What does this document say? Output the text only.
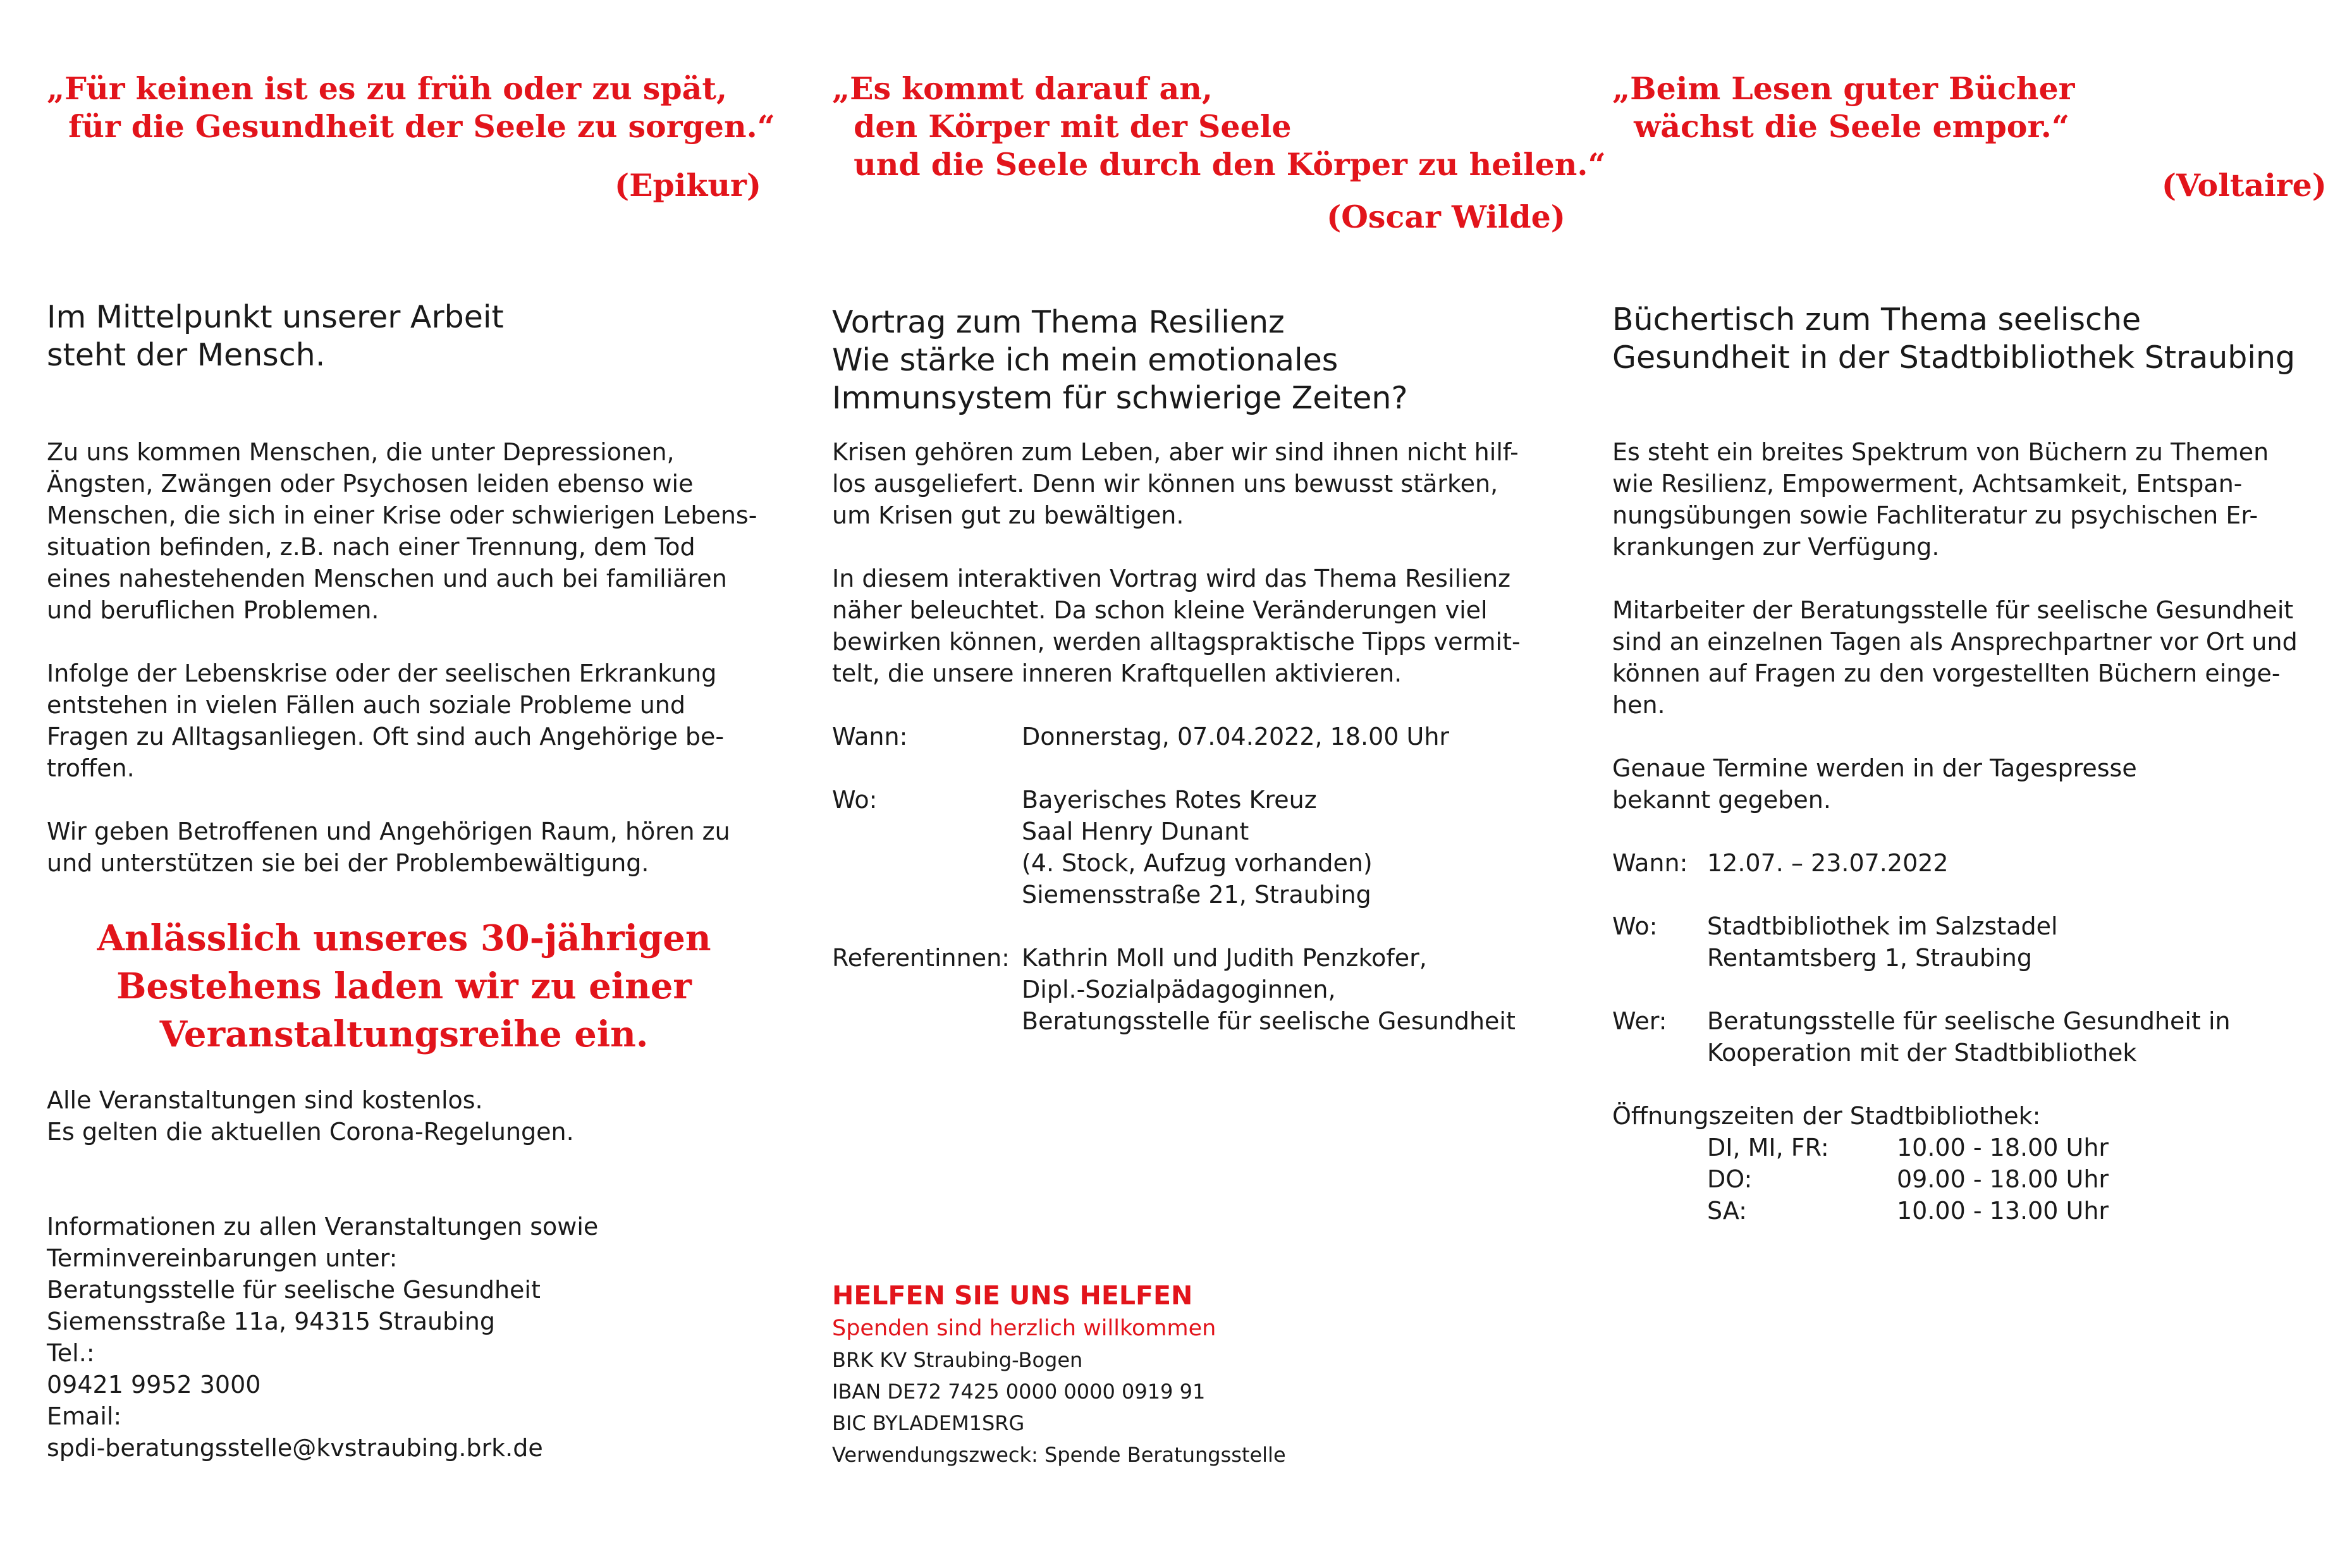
„Für keinen ist es zu früh oder zu spät,
für die Gesundheit der Seele zu sorgen.“
(Epikur)
Im Mittelpunkt unserer Arbeit
steht der Mensch.

Zu uns kommen Menschen, die unter Depressionen,
Ängsten, Zwängen oder Psychosen leiden ebenso wie
Menschen, die sich in einer Krise oder schwierigen Lebens-
situation befinden, z.B. nach einer Trennung, dem Tod
eines nahestehenden Menschen und auch bei familiären
und beruflichen Problemen.

Infolge der Lebenskrise oder der seelischen Erkrankung
entstehen in vielen Fällen auch soziale Probleme und
Fragen zu Alltagsanliegen. Oft sind auch Angehörige be-
troffen.

Wir geben Betroffenen und Angehörigen Raum, hören zu
und unterstützen sie bei der Problembewältigung.

Anlässlich unseres 30-jährigen
Bestehens laden wir zu einer
Veranstaltungsreihe ein.

Alle Veranstaltungen sind kostenlos.
Es gelten die aktuellen Corona-Regelungen.

Informationen zu allen Veranstaltungen sowie
Terminvereinbarungen unter:
Beratungsstelle für seelische Gesundheit
Siemensstraße 11a, 94315 Straubing
Tel.:
09421 9952 3000
Email:
spdi-beratungsstelle@kvstraubing.brk.de
„Es kommt darauf an,
den Körper mit der Seele
und die Seele durch den Körper zu heilen.“
(Oscar Wilde)
Vortrag zum Thema Resilienz
Wie stärke ich mein emotionales
Immunsystem für schwierige Zeiten?

Krisen gehören zum Leben, aber wir sind ihnen nicht hilf-
los ausgeliefert. Denn wir können uns bewusst stärken,
um Krisen gut zu bewältigen.

In diesem interaktiven Vortrag wird das Thema Resilienz
näher beleuchtet. Da schon kleine Veränderungen viel
bewirken können, werden alltagspraktische Tipps vermit-
telt, die unsere inneren Kraftquellen aktivieren.

Wann:	Donnerstag, 07.04.2022, 18.00 Uhr
Wo:	Bayerisches Rotes Kreuz
Saal Henry Dunant
(4. Stock, Aufzug vorhanden)
Siemensstraße 21, Straubing
Referentinnen: Kathrin Moll und Judith Penzkofer,
Dipl.-Sozialpädagoginnen,
Beratungsstelle für seelische Gesundheit
HELFEN SIE UNS HELFEN
Spenden sind herzlich willkommen
BRK KV Straubing-Bogen
IBAN DE72 7425 0000 0000 0919 91
BIC BYLADEM1SRG
Verwendungszweck: Spende Beratungsstelle
„Beim Lesen guter Bücher
wächst die Seele empor.“
(Voltaire)
Büchertisch zum Thema seelische
Gesundheit in der Stadtbibliothek Straubing

Es steht ein breites Spektrum von Büchern zu Themen
wie Resilienz, Empowerment, Achtsamkeit, Entspan-
nungsübungen sowie Fachliteratur zu psychischen Er-
krankungen zur Verfügung.

Mitarbeiter der Beratungsstelle für seelische Gesundheit
sind an einzelnen Tagen als Ansprechpartner vor Ort und
können auf Fragen zu den vorgestellten Büchern einge-
hen.

Genaue Termine werden in der Tagespresse
bekannt gegeben.

Wann: 12.07. – 23.07.2022
Wo: Stadtbibliothek im Salzstadel
Rentamtsberg 1, Straubing
Wer: Beratungsstelle für seelische Gesundheit in
Kooperation mit der Stadtbibliothek
Öffnungszeiten der Stadtbibliothek:
DI, MI, FR:	10.00 - 18.00 Uhr
DO:	09.00 - 18.00 Uhr
SA:	10.00 - 13.00 Uhr
